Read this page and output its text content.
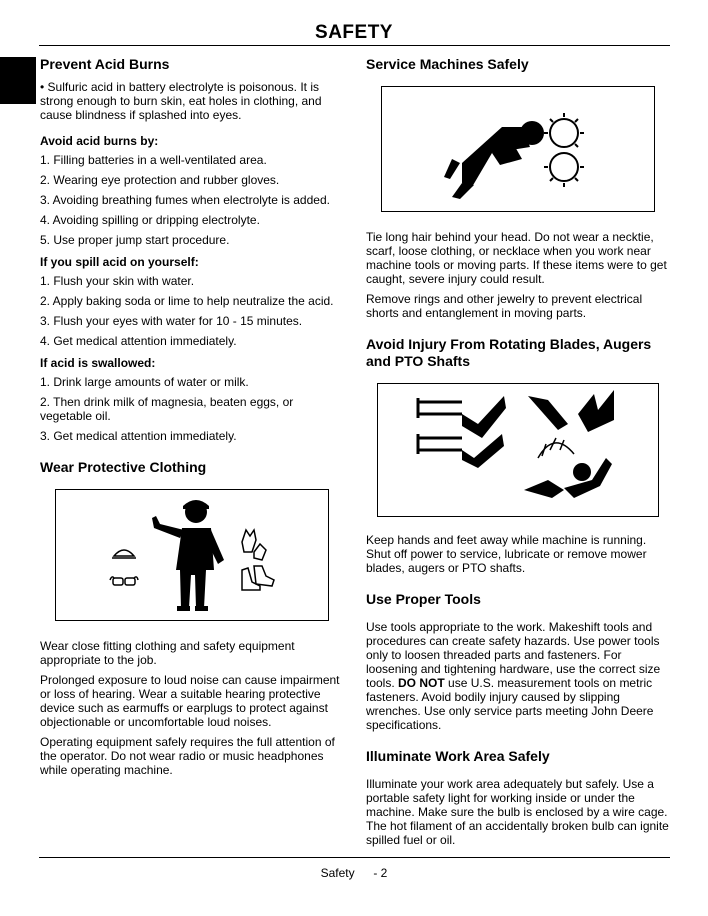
SAFETY
Prevent Acid Burns

• Sulfuric acid in battery electrolyte is poisonous. It is strong enough to burn skin, eat holes in clothing, and cause blindness if splashed into eyes.

Avoid acid burns by:
1. Filling batteries in a well-ventilated area.
2. Wearing eye protection and rubber gloves.
3. Avoiding breathing fumes when electrolyte is added.
4. Avoiding spilling or dripping electrolyte.
5. Use proper jump start procedure.
If you spill acid on yourself:
1. Flush your skin with water.
2. Apply baking soda or lime to help neutralize the acid.
3. Flush your eyes with water for 10 - 15 minutes.
4. Get medical attention immediately.
If acid is swallowed:
1. Drink large amounts of water or milk.
2. Then drink milk of magnesia, beaten eggs, or vegetable oil.
3. Get medical attention immediately.
Wear Protective Clothing

Wear close fitting clothing and safety equipment appropriate to the job.

Prolonged exposure to loud noise can cause impairment or loss of hearing. Wear a suitable hearing protective device such as earmuffs or earplugs to protect against objectionable or uncomfortable loud noises.

Operating equipment safely requires the full attention of the operator. Do not wear radio or music headphones while operating machine.

Service Machines Safely

Tie long hair behind your head. Do not wear a necktie, scarf, loose clothing, or necklace when you work near machine tools or moving parts. If these items were to get caught, severe injury could result.

Remove rings and other jewelry to prevent electrical shorts and entanglement in moving parts.

Avoid Injury From Rotating Blades, Augers and PTO Shafts

Keep hands and feet away while machine is running. Shut off power to service, lubricate or remove mower blades, augers or PTO shafts.

Use Proper Tools

Use tools appropriate to the work. Makeshift tools and procedures can create safety hazards. Use power tools only to loosen threaded parts and fasteners. For loosening and tightening hardware, use the correct size tools. DO NOT use U.S. measurement tools on metric fasteners. Avoid bodily injury caused by slipping wrenches. Use only service parts meeting John Deere specifications.

Illuminate Work Area Safely

Illuminate your work area adequately but safely. Use a portable safety light for working inside or under the machine. Make sure the bulb is enclosed by a wire cage. The hot filament of an accidentally broken bulb can ignite spilled fuel or oil.

Safety - 2
